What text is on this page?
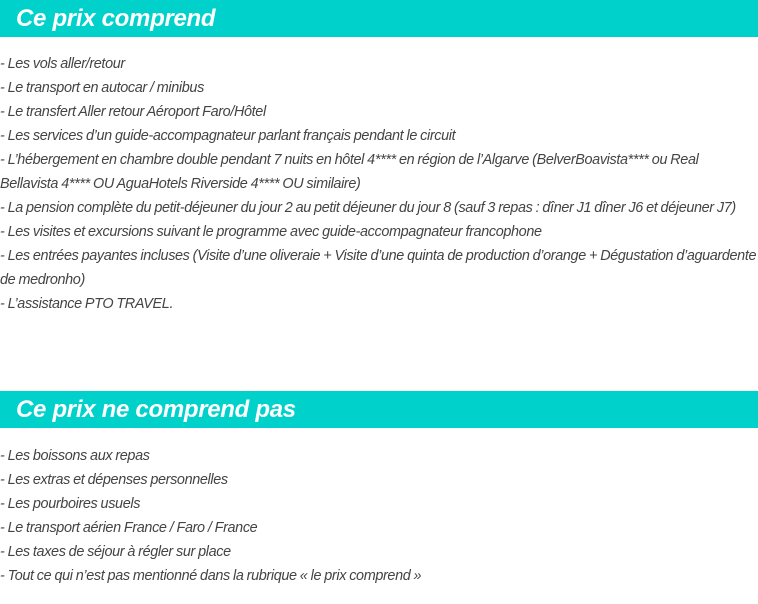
Ce prix comprend
- Les vols aller/retour
- Le transport en autocar / minibus
- Le transfert Aller retour Aéroport Faro/Hôtel
- Les services d’un guide-accompagnateur parlant français pendant le circuit
- L’hébergement en chambre double pendant 7 nuits en hôtel 4**** en région de l’Algarve (BelverBoavista**** ou Real Bellavista 4**** OU AguaHotels Riverside 4**** OU similaire)
- La pension complète du petit-déjeuner du jour 2 au petit déjeuner du jour 8 (sauf 3 repas : dîner J1 dîner J6 et déjeuner J7)
- Les visites et excursions suivant le programme avec guide-accompagnateur francophone
- Les entrées payantes incluses (Visite d’une oliveraie + Visite d’une quinta de production d’orange + Dégustation d’aguardente de medronho)
- L’assistance PTO TRAVEL.
Ce prix ne comprend pas
- Les boissons aux repas
- Les extras et dépenses personnelles
- Les pourboires usuels
- Le transport aérien France / Faro / France
- Les taxes de séjour à régler sur place
- Tout ce qui n’est pas mentionné dans la rubrique « le prix comprend »
